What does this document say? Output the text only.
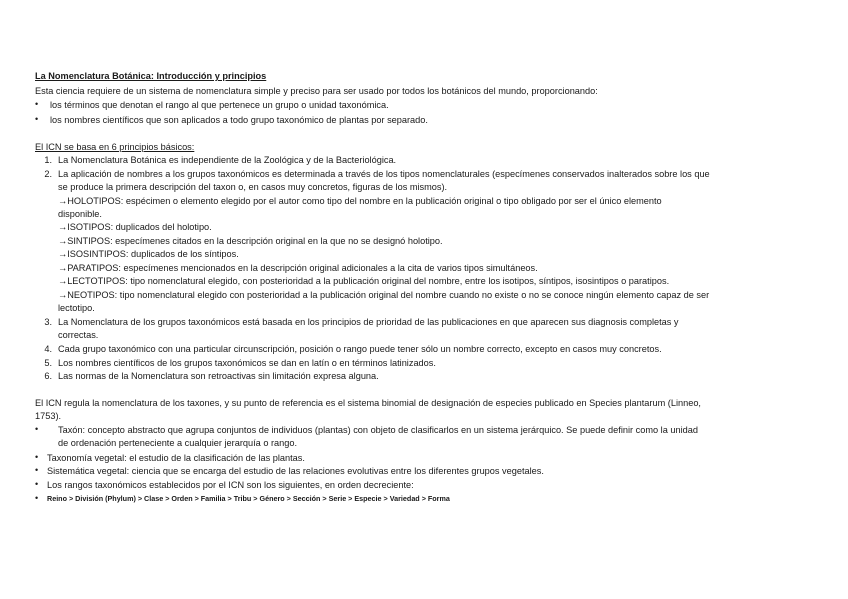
La Nomenclatura Botánica: Introducción y principios
Esta ciencia requiere de un sistema de nomenclatura simple y preciso para ser usado por todos los botánicos del mundo, proporcionando:
• los términos que denotan el rango al que pertenece un grupo o unidad taxonómica.
• los nombres científicos que son aplicados a todo grupo taxonómico de plantas por separado.
El ICN se basa en 6 principios básicos:
1. La Nomenclatura Botánica es independiente de la Zoológica y de la Bacteriológica.
2. La aplicación de nombres a los grupos taxonómicos es determinada a través de los tipos nomenclaturales (especímenes conservados inalterados sobre los que
se produce la primera descripción del taxon o, en casos muy concretos, figuras de los mismos).
→HOLOTIPOS: espécimen o elemento elegido por el autor como tipo del nombre en la publicación original o tipo obligado por ser el único elemento
disponible.
→ISOTIPOS: duplicados del holotipo.
→SINTIPOS: especímenes citados en la descripción original en la que no se designó holotipo.
→ISOSINTIPOS: duplicados de los síntipos.
→PARATIPOS: especímenes mencionados en la descripción original adicionales a la cita de varios tipos simultáneos.
→LECTOTIPOS: tipo nomenclatural elegido, con posterioridad a la publicación original del nombre, entre los isotipos, síntipos, isosintipos o paratipos.
→NEOTIPOS: tipo nomenclatural elegido con posterioridad a la publicación original del nombre cuando no existe o no se conoce ningún elemento capaz de ser
lectotipo.
3. La Nomenclatura de los grupos taxonómicos está basada en los principios de prioridad de las publicaciones en que aparecen sus diagnosis completas y
correctas.
4. Cada grupo taxonómico con una particular circunscripción, posición o rango puede tener sólo un nombre correcto, excepto en casos muy concretos.
5. Los nombres científicos de los grupos taxonómicos se dan en latín o en términos latinizados.
6. Las normas de la Nomenclatura son retroactivas sin limitación expresa alguna.
El ICN regula la nomenclatura de los taxones, y su punto de referencia es el sistema binomial de designación de especies publicado en Species plantarum (Linneo,
1753).
• Taxón: concepto abstracto que agrupa conjuntos de individuos (plantas) con objeto de clasificarlos en un sistema jerárquico. Se puede definir como la unidad
de ordenación perteneciente a cualquier jerarquía o rango.
• Taxonomía vegetal: el estudio de la clasificación de las plantas.
• Sistemática vegetal: ciencia que se encarga del estudio de las relaciones evolutivas entre los diferentes grupos vegetales.
• Los rangos taxonómicos establecidos por el ICN son los siguientes, en orden decreciente:
• Reino > División (Phylum) > Clase > Orden > Familia > Tribu > Género > Sección > Serie > Especie > Variedad > Forma
